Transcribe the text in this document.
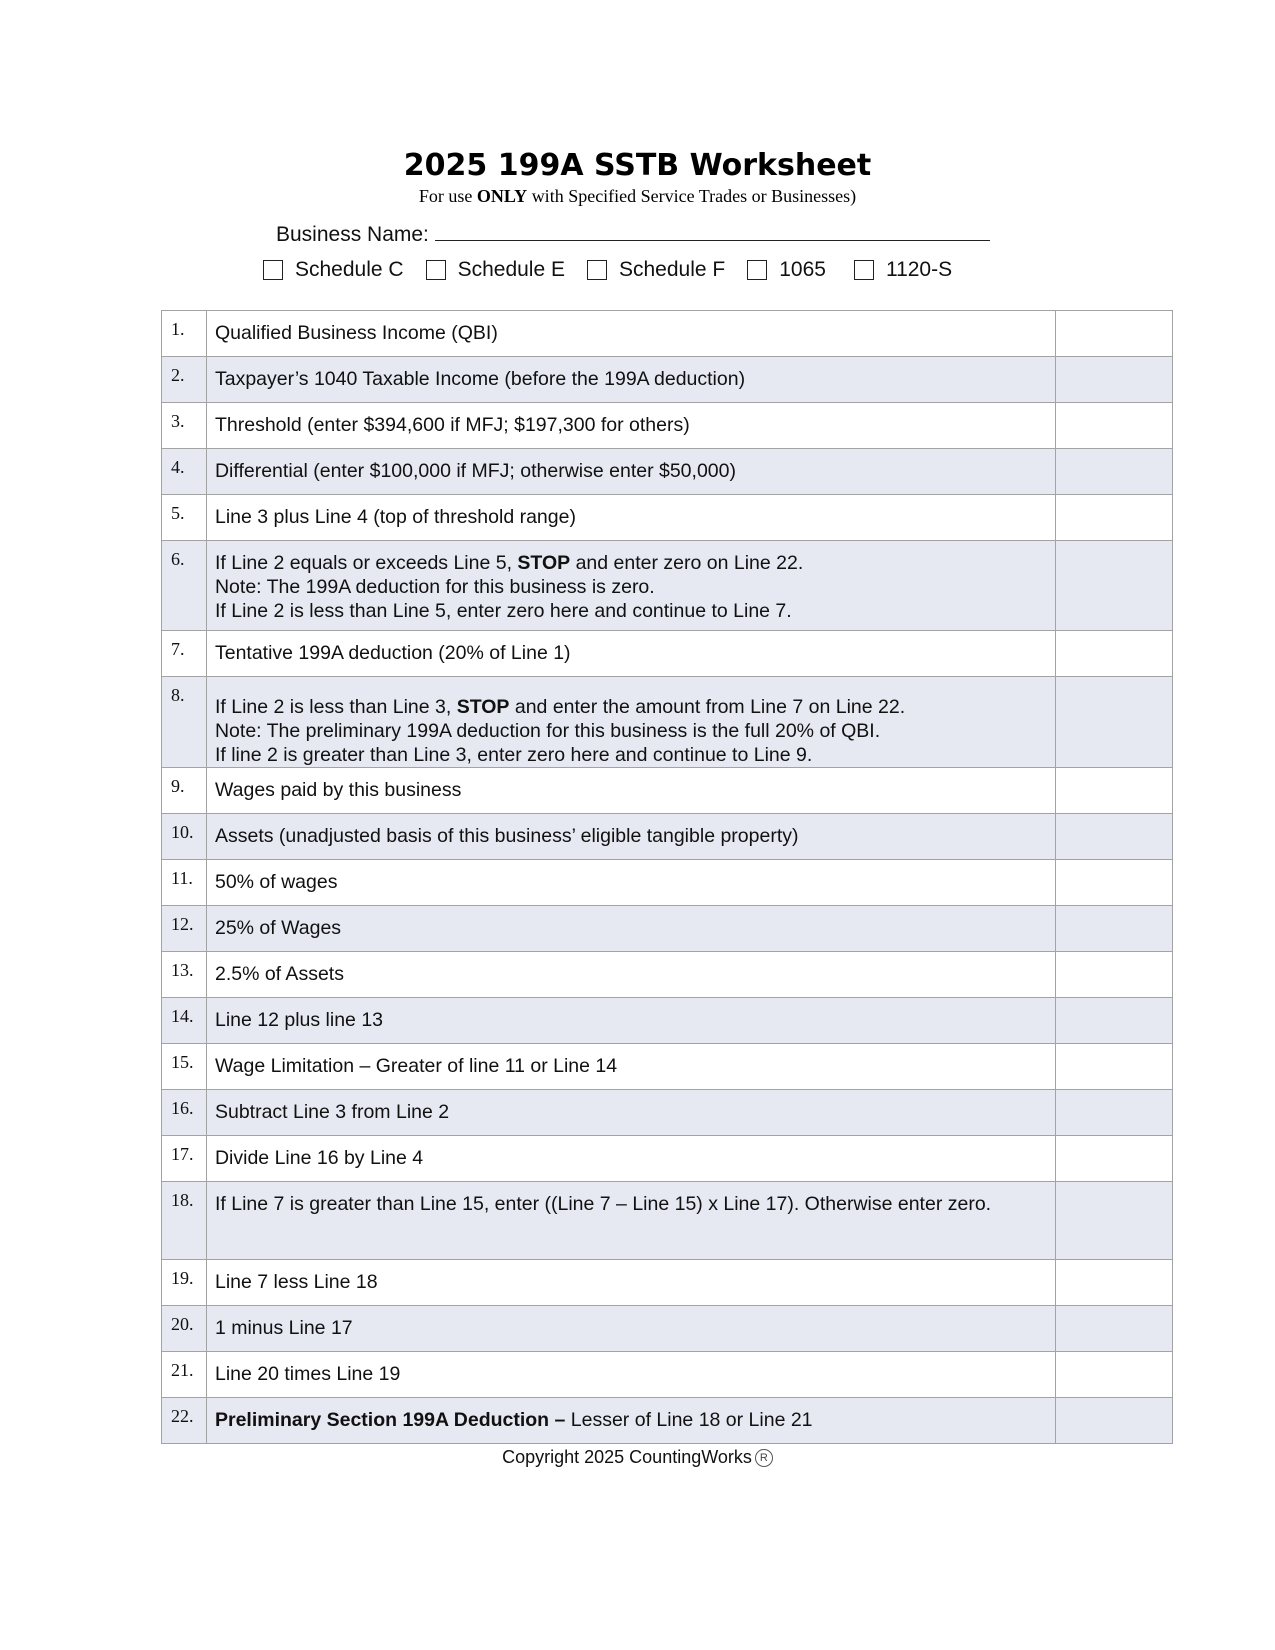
2025 199A SSTB Worksheet
For use ONLY with Specified Service Trades or Businesses)
Business Name:
Schedule C	Schedule E	Schedule F	1065	1120-S
1.	Qualified Business Income (QBI)	
2.	Taxpayer’s 1040 Taxable Income (before the 199A deduction)	
3.	Threshold (enter $394,600 if MFJ; $197,300 for others)	
4.	Differential (enter $100,000 if MFJ; otherwise enter $50,000)	
5.	Line 3 plus Line 4 (top of threshold range)	
6.	If Line 2 equals or exceeds Line 5, STOP and enter zero on Line 22.
Note: The 199A deduction for this business is zero.
If Line 2 is less than Line 5, enter zero here and continue to Line 7.	
7.	Tentative 199A deduction (20% of Line 1)	
8.	If Line 2 is less than Line 3, STOP and enter the amount from Line 7 on Line 22.
Note: The preliminary 199A deduction for this business is the full 20% of QBI.
If line 2 is greater than Line 3, enter zero here and continue to Line 9.	
9.	Wages paid by this business	
10.	Assets (unadjusted basis of this business’ eligible tangible property)	
11.	50% of wages	
12.	25% of Wages	
13.	2.5% of Assets	
14.	Line 12 plus line 13	
15.	Wage Limitation – Greater of line 11 or Line 14	
16.	Subtract Line 3 from Line 2	
17.	Divide Line 16 by Line 4	
18.	If Line 7 is greater than Line 15, enter ((Line 7 – Line 15) x Line 17). Otherwise enter zero.	
19.	Line 7 less Line 18	
20.	1 minus Line 17	
21.	Line 20 times Line 19	
22.	Preliminary Section 199A Deduction – Lesser of Line 18 or Line 21	
Copyright 2025 CountingWorks R
